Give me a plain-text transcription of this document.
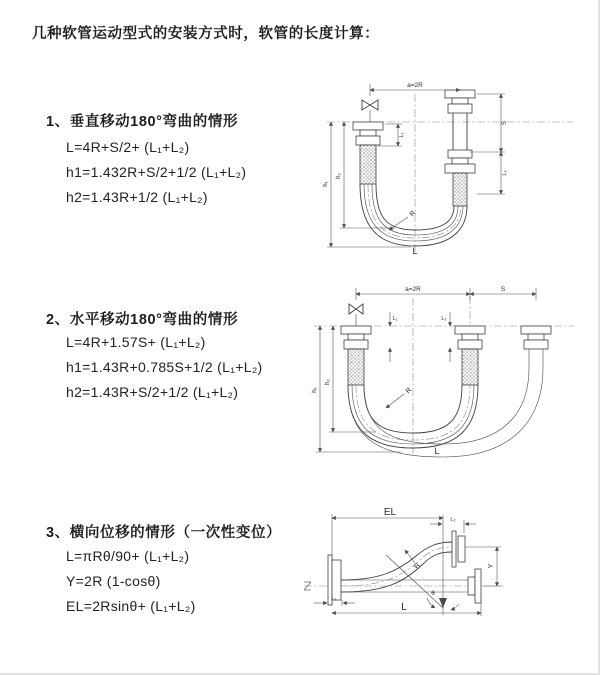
几种软管运动型式的安装方式时，软管的长度计算：
1、垂直移动180°弯曲的情形
L=4R+S/2+ (L₁+L₂)
h1=1.432R+S/2+1/2 (L₁+L₂)
h2=1.43R+1/2 (L₁+L₂)
2、水平移动180°弯曲的情形
L=4R+1.57S+ (L₁+L₂)
h1=1.43R+0.785S+1/2 (L₁+L₂)
h2=1.43R+S/2+1/2 (L₁+L₂)
3、横向位移的情形（一次性变位）
L=πRθ/90+ (L₁+L₂)
Y=2R (1-cosθ)
EL=2Rsinθ+ (L₁+L₂)
a=2R
S
L₂
h₁
h₂
L₁
R
L
a=2R	S
h₁
h₂
L₁	L₂
R
L
θ
EL
L₂
Y
L₁
L
R
